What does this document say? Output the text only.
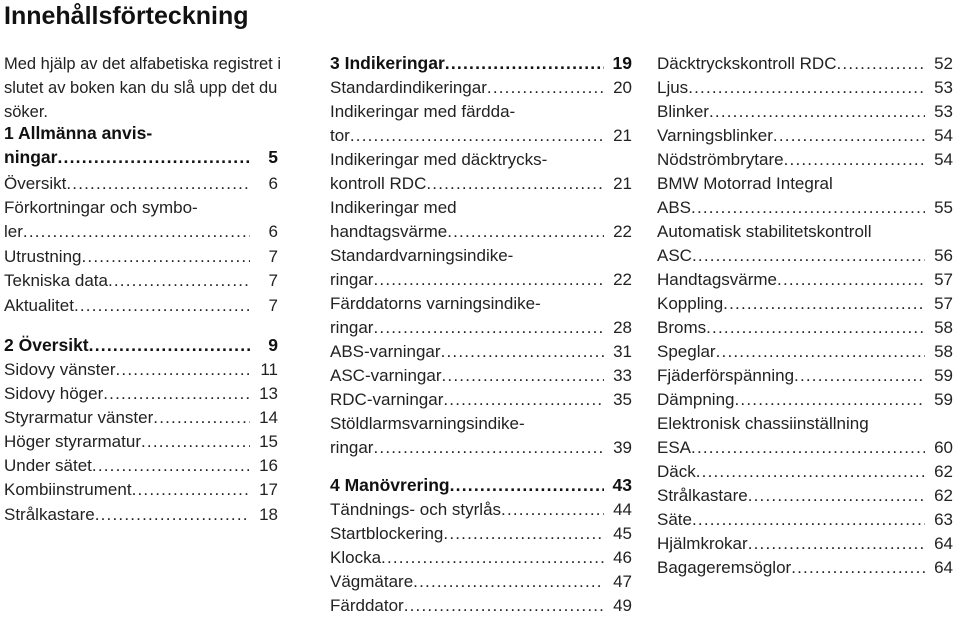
Innehållsförteckning
Med hjälp av det alfabetiska registret i slutet av boken kan du slå upp det du söker.
1 Allmänna anvis-
ningar .....	5
Översikt .....	6
Förkortningar och symbo-
ler .....	6
Utrustning .....	7
Tekniska data .....	7
Aktualitet .....	7
2 Översikt .....	9
Sidovy vänster .....	11
Sidovy höger .....	13
Styrarmatur vänster .....	14
Höger styrarmatur .....	15
Under sätet .....	16
Kombiinstrument .....	17
Strålkastare .....	18
3 Indikeringar .....	19
Standardindikeringar .....	20
Indikeringar med färdda-
tor .....	21
Indikeringar med däcktrycks-
kontroll RDC .....	21
Indikeringar med
handtagsvärme .....	22
Standardvarningsindike-
ringar .....	22
Färddatorns varningsindike-
ringar .....	28
ABS-varningar .....	31
ASC-varningar .....	33
RDC-varningar .....	35
Stöldlarmsvarningsindike-
ringar .....	39
4 Manövrering .....	43
Tändnings- och styrlås .....	44
Startblockering .....	45
Klocka .....	46
Vägmätare .....	47
Färddator .....	49
Däcktryckskontroll RDC .....	52
Ljus .....	53
Blinker .....	53
Varningsblinker .....	54
Nödströmbrytare .....	54
BMW Motorrad Integral
ABS .....	55
Automatisk stabilitetskontroll
ASC .....	56
Handtagsvärme .....	57
Koppling .....	57
Broms .....	58
Speglar .....	58
Fjäderförspänning .....	59
Dämpning .....	59
Elektronisk chassiinställning
ESA .....	60
Däck .....	62
Strålkastare .....	62
Säte .....	63
Hjälmkrokar .....	64
Bagageremsöglor .....	64
